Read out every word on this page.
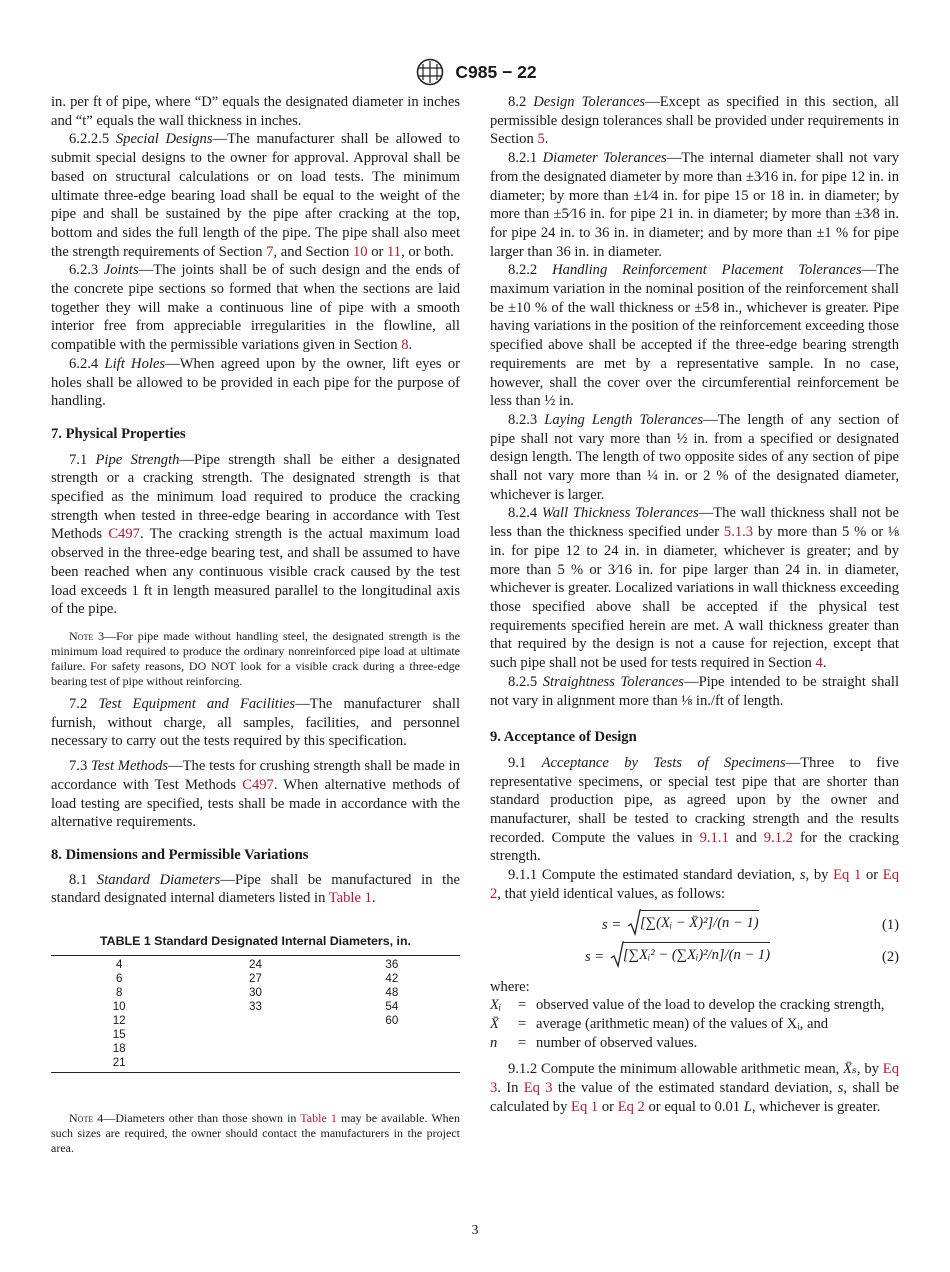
C985 − 22

in. per ft of pipe, where “D” equals the designated diameter in inches and “t” equals the wall thickness in inches.

6.2.2.5 Special Designs—The manufacturer shall be allowed to submit special designs to the owner for approval. Approval shall be based on structural calculations or on load tests. The minimum ultimate three-edge bearing load shall be equal to the weight of the pipe and shall be sustained by the pipe after cracking at the top, bottom and sides the full length of the pipe. The pipe shall also meet the strength requirements of Section 7, and Section 10 or 11, or both.

6.2.3 Joints—The joints shall be of such design and the ends of the concrete pipe sections so formed that when the sections are laid together they will make a continuous line of pipe with a smooth interior free from appreciable irregularities in the flowline, all compatible with the permissible variations given in Section 8.

6.2.4 Lift Holes—When agreed upon by the owner, lift eyes or holes shall be allowed to be provided in each pipe for the purpose of handling.

7. Physical Properties

7.1 Pipe Strength—Pipe strength shall be either a designated strength or a cracking strength. The designated strength is that specified as the minimum load required to produce the cracking strength when tested in three-edge bearing in accordance with Test Methods C497. The cracking strength is the actual maximum load observed in the three-edge bearing test, and shall be assumed to have been reached when any continuous visible crack caused by the test load exceeds 1 ft in length measured parallel to the longitudinal axis of the pipe.

Note 3—For pipe made without handling steel, the designated strength is the minimum load required to produce the ordinary nonreinforced pipe load at ultimate failure. For safety reasons, DO NOT look for a visible crack during a three-edge bearing test of pipe without reinforcing.

7.2 Test Equipment and Facilities—The manufacturer shall furnish, without charge, all samples, facilities, and personnel necessary to carry out the tests required by this specification.

7.3 Test Methods—The tests for crushing strength shall be made in accordance with Test Methods C497. When alternative methods of load testing are specified, tests shall be made in accordance with the alternative requirements.

8. Dimensions and Permissible Variations

8.1 Standard Diameters—Pipe shall be manufactured in the standard designated internal diameters listed in Table 1.

TABLE 1 Standard Designated Internal Diameters, in.

4	24	36
6	27	42
8	30	48
10	33	54
12		60
15		
18		
21		

Note 4—Diameters other than those shown in Table 1 may be available. When such sizes are required, the owner should contact the manufacturers in the project area.

8.2 Design Tolerances—Except as specified in this section, all permissible design tolerances shall be provided under requirements in Section 5.

8.2.1 Diameter Tolerances—The internal diameter shall not vary from the designated diameter by more than ±3⁄16 in. for pipe 12 in. in diameter; by more than ±1⁄4 in. for pipe 15 or 18 in. in diameter; by more than ±5⁄16 in. for pipe 21 in. in diameter; by more than ±3⁄8 in. for pipe 24 in. to 36 in. in diameter; and by more than ±1 % for pipe larger than 36 in. in diameter.

8.2.2 Handling Reinforcement Placement Tolerances—The maximum variation in the nominal position of the reinforcement shall be ±10 % of the wall thickness or ±5⁄8 in., whichever is greater. Pipe having variations in the position of the reinforcement exceeding those specified above shall be accepted if the three-edge bearing strength requirements are met by a representative sample. In no case, however, shall the cover over the circumferential reinforcement be less than ½ in.

8.2.3 Laying Length Tolerances—The length of any section of pipe shall not vary more than ½ in. from a specified or designated design length. The length of two opposite sides of any section of pipe shall not vary more than ¼ in. or 2 % of the designated diameter, whichever is larger.

8.2.4 Wall Thickness Tolerances—The wall thickness shall not be less than the thickness specified under 5.1.3 by more than 5 % or ⅛ in. for pipe 12 to 24 in. in diameter, whichever is greater; and by more than 5 % or 3⁄16 in. for pipe larger than 24 in. in diameter, whichever is greater. Localized variations in wall thickness exceeding those specified above shall be accepted if the physical test requirements specified herein are met. A wall thickness greater than that required by the design is not a cause for rejection, except that such pipe shall not be used for tests required in Section 4.

8.2.5 Straightness Tolerances—Pipe intended to be straight shall not vary in alignment more than ⅛ in./ft of length.

9. Acceptance of Design

9.1 Acceptance by Tests of Specimens—Three to five representative specimens, or special test pipe that are shorter than standard production pipe, as agreed upon by the owner and manufacturer, shall be tested to cracking strength and the results recorded. Compute the values in 9.1.1 and 9.1.2 for the cracking strength.

9.1.1 Compute the estimated standard deviation, s, by Eq 1 or Eq 2, that yield identical values, as follows:

s = [∑(Xᵢ − X̄)²]/(n − 1)	(1)
s = [∑Xᵢ² − (∑Xᵢ)²/n]/(n − 1)	(2)

where:

Xᵢ	= observed value of the load to develop the cracking strength,
X̄	= average (arithmetic mean) of the values of Xᵢ, and
n	= number of observed values.

9.1.2 Compute the minimum allowable arithmetic mean, X̄ₛ, by Eq 3. In Eq 3 the value of the estimated standard deviation, s, shall be calculated by Eq 1 or Eq 2 or equal to 0.01 L, whichever is greater.

3
